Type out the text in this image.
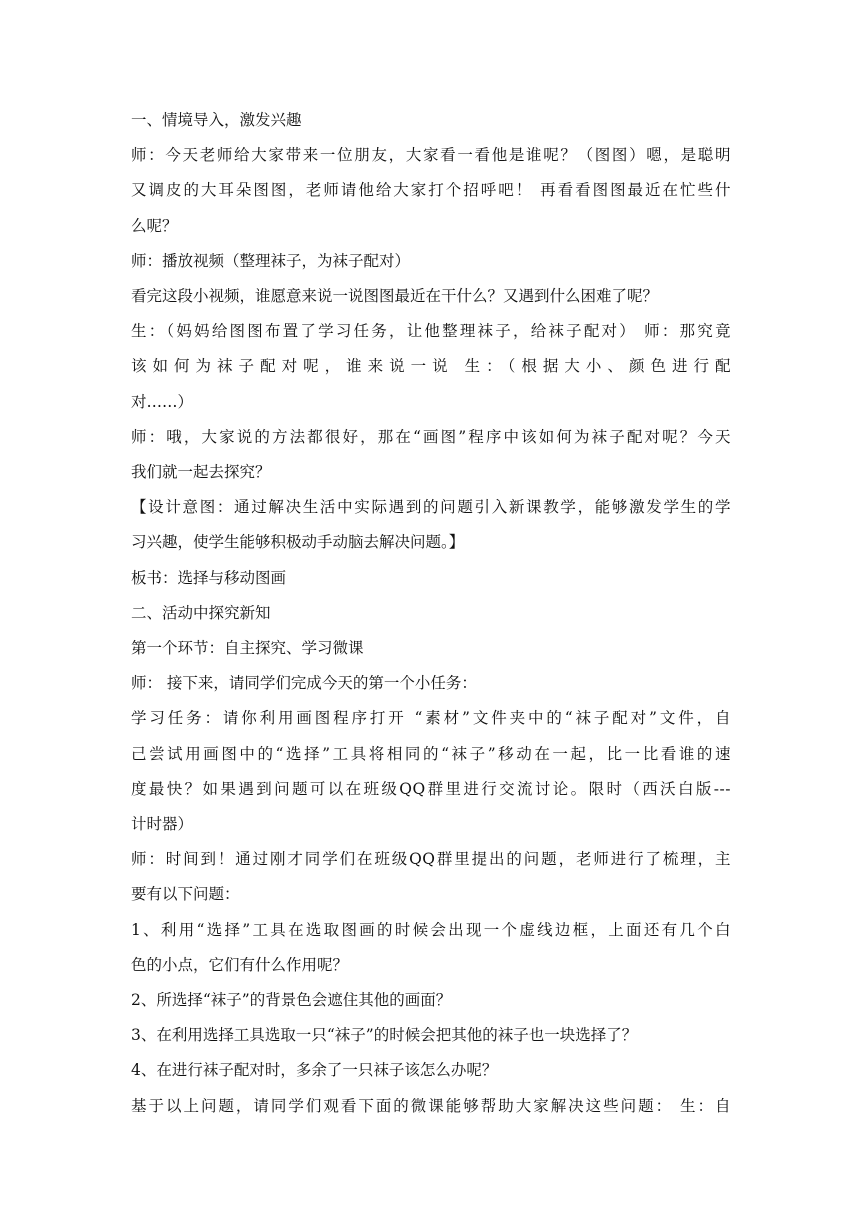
一、情境导入，激发兴趣

师：今天老师给大家带来一位朋友，大家看一看他是谁呢？（图图）嗯，是聪明

又调皮的大耳朵图图，老师请他给大家打个招呼吧！ 再看看图图最近在忙些什

么呢？

师：播放视频（整理袜子，为袜子配对）

看完这段小视频，谁愿意来说一说图图最近在干什么？又遇到什么困难了呢？

生：（妈妈给图图布置了学习任务，让他整理袜子，给袜子配对） 师：那究竟

该如何为袜子配对呢，谁来说一说 生：（根据大小、颜色进行配

对……）

师：哦，大家说的方法都很好，那在“画图”程序中该如何为袜子配对呢？今天

我们就一起去探究？

【设计意图：通过解决生活中实际遇到的问题引入新课教学，能够激发学生的学

习兴趣，使学生能够积极动手动脑去解决问题。】

板书：选择与移动图画

二、活动中探究新知

第一个环节：自主探究、学习微课

师： 接下来，请同学们完成今天的第一个小任务：

学习任务：请你利用画图程序打开 “素材”文件夹中的“袜子配对”文件，自

己尝试用画图中的“选择”工具将相同的“袜子”移动在一起，比一比看谁的速

度最快？如果遇到问题可以在班级QQ群里进行交流讨论。限时（西沃白版---

计时器）

师：时间到！通过刚才同学们在班级QQ群里提出的问题，老师进行了梳理，主

要有以下问题：

1、利用“选择”工具在选取图画的时候会出现一个虚线边框，上面还有几个白

色的小点，它们有什么作用呢？

2、所选择“袜子”的背景色会遮住其他的画面？

3、在利用选择工具选取一只“袜子”的时候会把其他的袜子也一块选择了？

4、在进行袜子配对时，多余了一只袜子该怎么办呢？

基于以上问题，请同学们观看下面的微课能够帮助大家解决这些问题： 生：自
